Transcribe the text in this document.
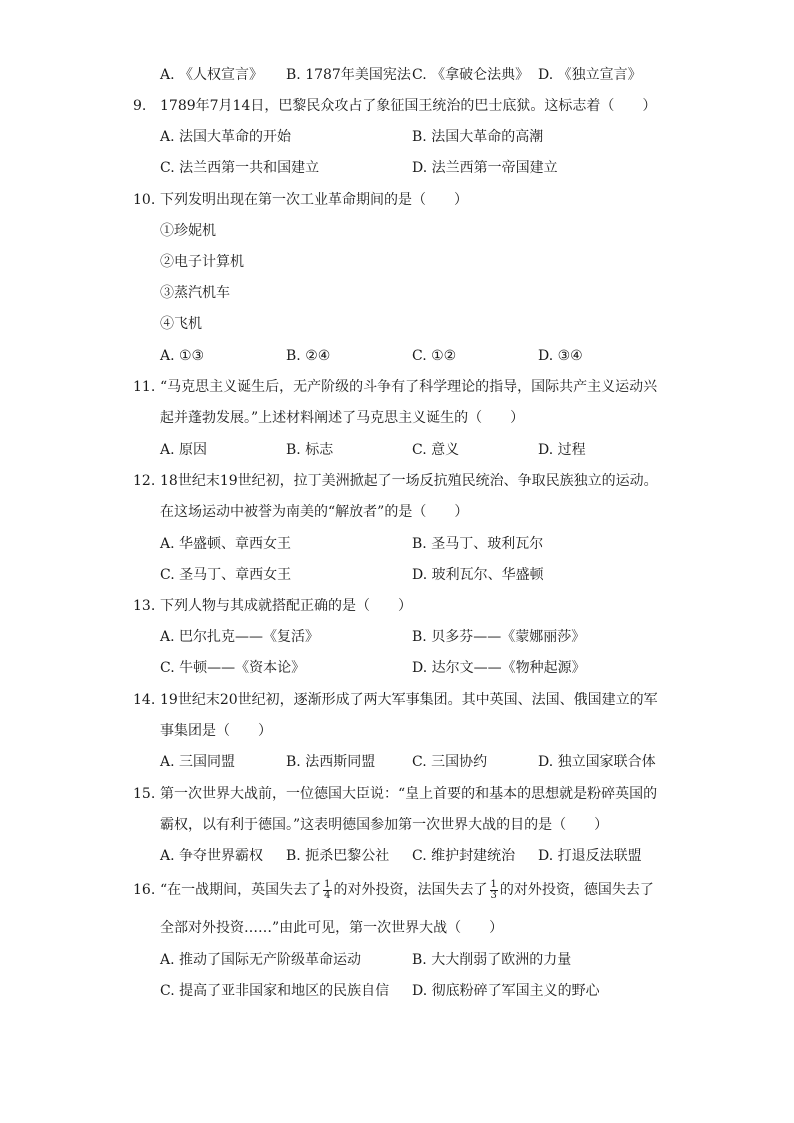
A. 《人权宣言》 B. 1787年美国宪法 C. 《拿破仑法典》 D. 《独立宣言》
9. 1789年7月14日，巴黎民众攻占了象征国王统治的巴士底狱。这标志着（　　）
A. 法国大革命的开始	B. 法国大革命的高潮
C. 法兰西第一共和国建立	D. 法兰西第一帝国建立
10. 下列发明出现在第一次工业革命期间的是（　　）
①珍妮机
②电子计算机
③蒸汽机车
④飞机
A. ①③	B. ②④	C. ①②	D. ③④
11. “马克思主义诞生后，无产阶级的斗争有了科学理论的指导，国际共产主义运动兴
起并蓬勃发展。”上述材料阐述了马克思主义诞生的（　　）
A. 原因	B. 标志	C. 意义	D. 过程
12. 18世纪末19世纪初，拉丁美洲掀起了一场反抗殖民统治、争取民族独立的运动。
在这场运动中被誉为南美的“解放者”的是（　　）
A. 华盛顿、章西女王	B. 圣马丁、玻利瓦尔
C. 圣马丁、章西女王	D. 玻利瓦尔、华盛顿
13. 下列人物与其成就搭配正确的是（　　）
A. 巴尔扎克——《复活》	B. 贝多芬——《蒙娜丽莎》
C. 牛顿——《资本论》	D. 达尔文——《物种起源》
14. 19世纪末20世纪初，逐渐形成了两大军事集团。其中英国、法国、俄国建立的军
事集团是（　　）
A. 三国同盟	B. 法西斯同盟	C. 三国协约	D. 独立国家联合体
15. 第一次世界大战前，一位德国大臣说：“皇上首要的和基本的思想就是粉碎英国的
霸权，以有利于德国。”这表明德国参加第一次世界大战的目的是（　　）
A. 争夺世界霸权 B. 扼杀巴黎公社 C. 维护封建统治 D. 打退反法联盟
16. “在一战期间，英国失去了 $\frac{1}{4}$ 的对外投资，法国失去了 $\frac{1}{3}$ 的对外投资，德国失去了
全部对外投资……”由此可见，第一次世界大战（　　）
A. 推动了国际无产阶级革命运动	B. 大大削弱了欧洲的力量
C. 提高了亚非国家和地区的民族自信 D. 彻底粉碎了军国主义的野心
